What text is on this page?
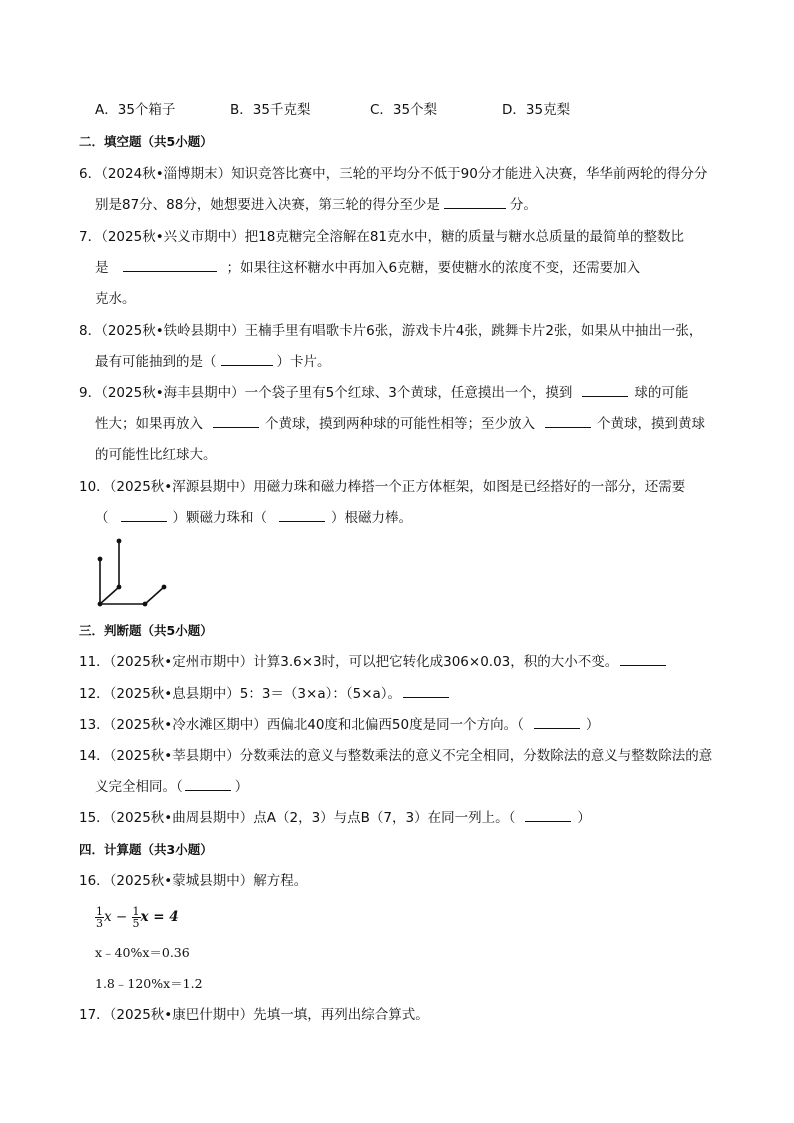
A．35个箱子	B．35千克梨	C．35个梨	D．35克梨
二．填空题（共5小题）
6．（2024秋•淄博期末）知识竞答比赛中，三轮的平均分不低于90分才能进入决赛，华华前两轮的得分分
别是87分、88分，她想要进入决赛，第三轮的得分至少是	分。
7．（2025秋•兴义市期中）把18克糖完全溶解在81克水中，糖的质量与糖水总质量的最简单的整数比
是	；如果往这杯糖水中再加入6克糖，要使糖水的浓度不变，还需要加入
克水。
8．（2025秋•铁岭县期中）王楠手里有唱歌卡片6张，游戏卡片4张，跳舞卡片2张，如果从中抽出一张，
最有可能抽到的是（	）卡片。
9．（2025秋•海丰县期中）一个袋子里有5个红球、3个黄球，任意摸出一个，摸到	球的可能
性大；如果再放入	个黄球，摸到两种球的可能性相等；至少放入	个黄球，摸到黄球
的可能性比红球大。
10．（2025秋•浑源县期中）用磁力珠和磁力棒搭一个正方体框架，如图是已经搭好的一部分，还需要
（	）颗磁力珠和（	）根磁力棒。
三．判断题（共5小题）
11．（2025秋•定州市期中）计算3.6×3时，可以把它转化成306×0.03，积的大小不变。
12．（2025秋•息县期中）5：3＝（3×a）：（5×a）。
13．（2025秋•冷水滩区期中）西偏北40度和北偏西50度是同一个方向。（	）
14．（2025秋•莘县期中）分数乘法的意义与整数乘法的意义不完全相同，分数除法的意义与整数除法的意
义完全相同。（	）
15．（2025秋•曲周县期中）点A（2，3）与点B（7，3）在同一列上。（	）
四．计算题（共3小题）
16．（2025秋•蒙城县期中）解方程。
$\frac{1}{3}$ $x - \frac{1}{5}$ x = 4
x﹣40%x＝0.36
1.8﹣120%x＝1.2
17．（2025秋•康巴什期中）先填一填，再列出综合算式。
